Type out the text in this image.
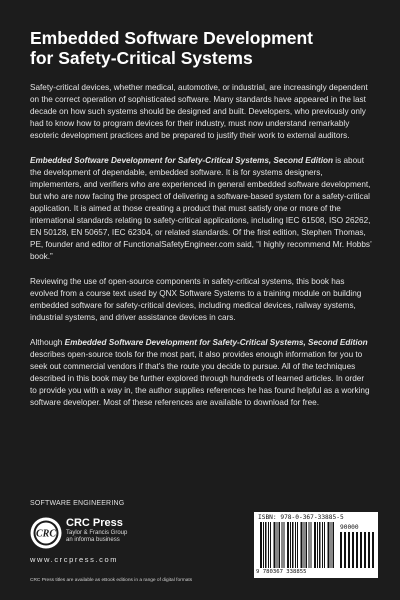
Embedded Software Development
for Safety-Critical Systems

Safety-critical devices, whether medical, automotive, or industrial, are increasingly dependent on the correct operation of sophisticated software. Many standards have appeared in the last decade on how such systems should be designed and built. Developers, who previously only had to know how to program devices for their industry, must now understand remarkably esoteric development practices and be prepared to justify their work to external auditors.

Embedded Software Development for Safety-Critical Systems, Second Edition is about the development of dependable, embedded software. It is for systems designers, implementers, and verifiers who are experienced in general embedded software development, but who are now facing the prospect of delivering a software-based system for a safety-critical application. It is aimed at those creating a product that must satisfy one or more of the international standards relating to safety-critical applications, including IEC 61508, ISO 26262, EN 50128, EN 50657, IEC 62304, or related standards. Of the first edition, Stephen Thomas, PE, founder and editor of FunctionalSafetyEngineer.com said, “I highly recommend Mr. Hobbs’ book.”

Reviewing the use of open-source components in safety-critical systems, this book has evolved from a course text used by QNX Software Systems to a training module on building embedded software for safety-critical devices, including medical devices, railway systems, industrial systems, and driver assistance devices in cars.

Although Embedded Software Development for Safety-Critical Systems, Second Edition describes open-source tools for the most part, it also provides enough information for you to seek out commercial vendors if that’s the route you decide to pursue. All of the techniques described in this book may be further explored through hundreds of learned articles. In order to provide you with a way in, the author supplies references he has found helpful as a working software developer. Most of these references are available to download for free.

SOFTWARE ENGINEERING
CRC
CRC Press
Taylor & Francis Group
an informa business
www.crcpress.com
CRC Press titles are available as eBook editions in a range of digital formats
ISBN: 978-0-367-33885-5
90000
9 780367 338855
